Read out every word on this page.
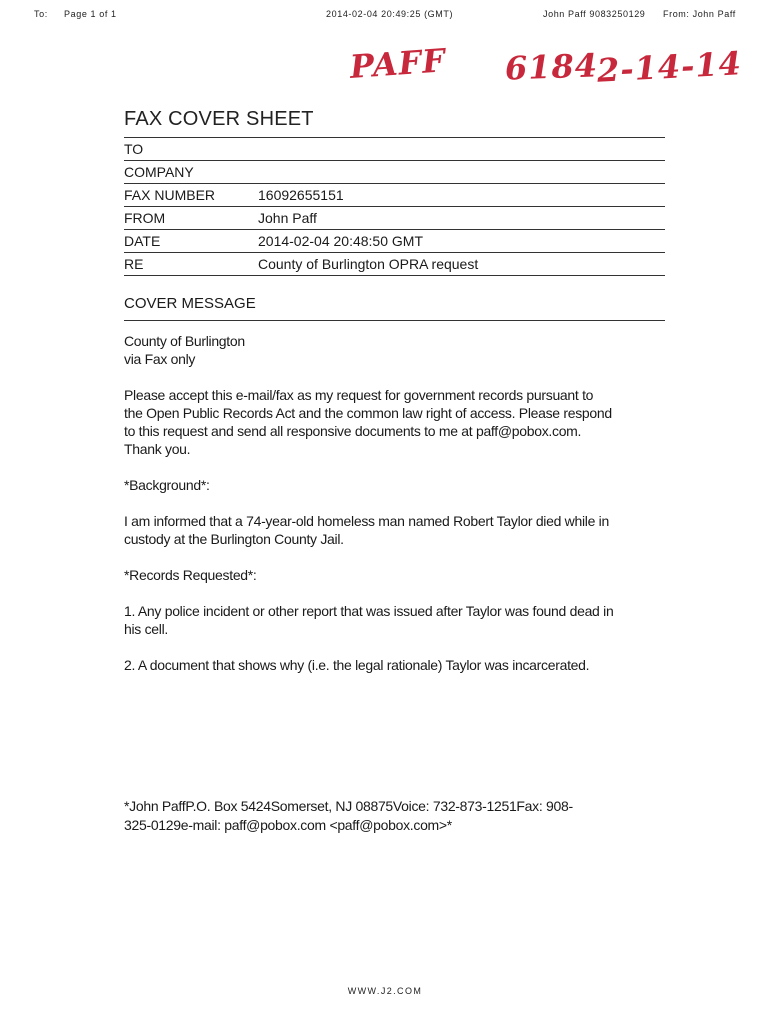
To: Page 1 of 1	2014-02-04 20:49:25 (GMT)	John Paff 9083250129 From: John Paff
PAFF 6184
2-14-14
FAX COVER SHEET
TO
COMPANY
FAX NUMBER	16092655151
FROM	John Paff
DATE	2014-02-04 20:48:50 GMT
RE	County of Burlington OPRA request
COVER MESSAGE

County of Burlington
via Fax only

Please accept this e-mail/fax as my request for government records pursuant to the Open Public Records Act and the common law right of access. Please respond to this request and send all responsive documents to me at paff@pobox.com. Thank you.

*Background*:

I am informed that a 74-year-old homeless man named Robert Taylor died while in custody at the Burlington County Jail.

*Records Requested*:

1. Any police incident or other report that was issued after Taylor was found dead in his cell.

2. A document that shows why (i.e. the legal rationale) Taylor was incarcerated.

*John PaffP.O. Box 5424Somerset, NJ 08875Voice: 732-873-1251Fax: 908-325-0129e-mail: paff@pobox.com <paff@pobox.com>*
WWW.J2.COM
